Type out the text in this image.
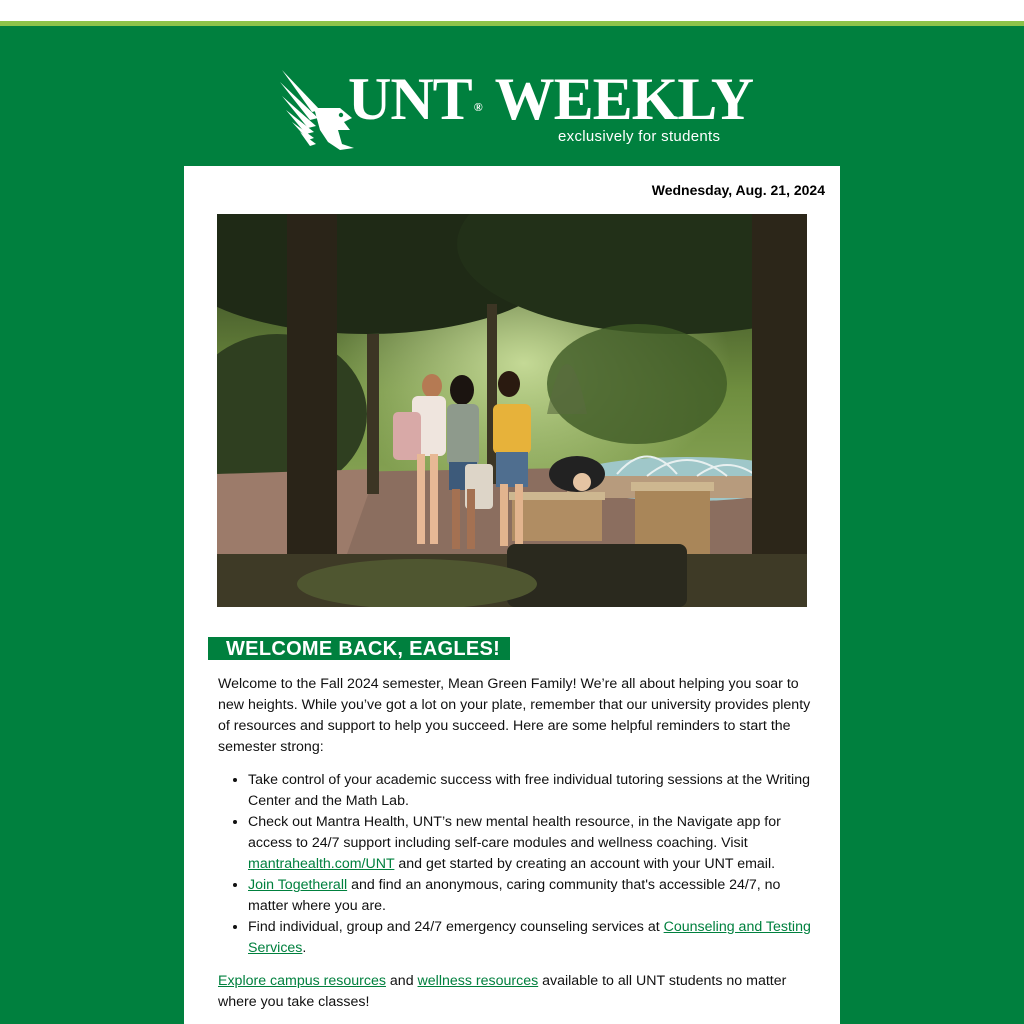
UNT ® WEEKLY
exclusively for students
Wednesday, Aug. 21, 2024
WELCOME BACK, EAGLES!

Welcome to the Fall 2024 semester, Mean Green Family! We’re all about helping you soar to new heights. While you’ve got a lot on your plate, remember that our university provides plenty of resources and support to help you succeed. Here are some helpful reminders to start the semester strong:

• Take control of your academic success with free individual tutoring sessions at the Writing Center and the Math Lab.
• Check out Mantra Health, UNT’s new mental health resource, in the Navigate app for access to 24/7 support including self-care modules and wellness coaching. Visit mantrahealth.com/UNT and get started by creating an account with your UNT email.
• Join Togetherall and find an anonymous, caring community that's accessible 24/7, no matter where you are.
• Find individual, group and 24/7 emergency counseling services at Counseling and Testing Services.

Explore campus resources and wellness resources available to all UNT students no matter where you take classes!
